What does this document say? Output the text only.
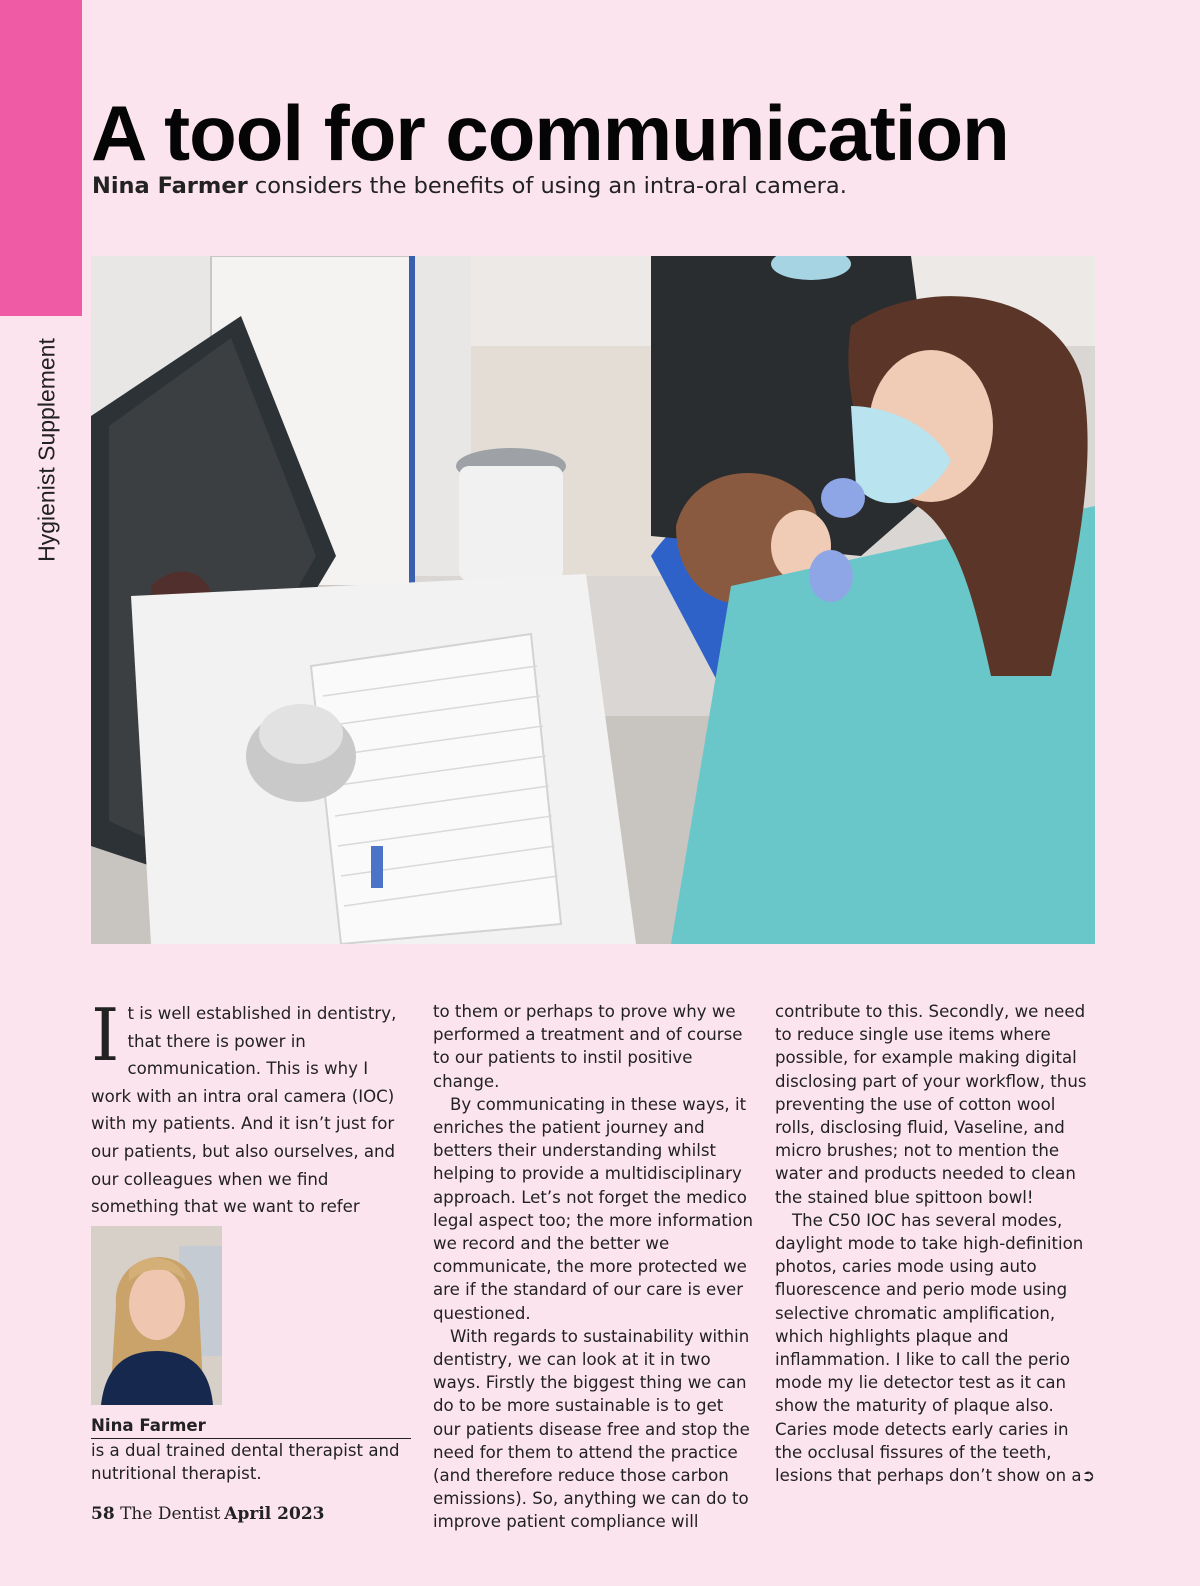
Hygienist Supplement
A tool for communication

Nina Farmer considers the benefits of using an intra-oral camera.

It is well established in dentistry, that there is power in communication. This is why I work with an intra oral camera (IOC) with my patients. And it isn’t just for our patients, but also ourselves, and our colleagues when we find something that we want to refer

to them or perhaps to prove why we performed a treatment and of course to our patients to instil positive change.

By communicating in these ways, it enriches the patient journey and betters their understanding whilst helping to provide a multidisciplinary approach. Let’s not forget the medico legal aspect too; the more information we record and the better we communicate, the more protected we are if the standard of our care is ever questioned.

With regards to sustainability within dentistry, we can look at it in two ways. Firstly the biggest thing we can do to be more sustainable is to get our patients disease free and stop the need for them to attend the practice (and therefore reduce those carbon emissions). So, anything we can do to improve patient compliance will

contribute to this. Secondly, we need to reduce single use items where possible, for example making digital disclosing part of your workflow, thus preventing the use of cotton wool rolls, disclosing fluid, Vaseline, and micro brushes; not to mention the water and products needed to clean the stained blue spittoon bowl!

The C50 IOC has several modes, daylight mode to take high-definition photos, caries mode using auto fluorescence and perio mode using selective chromatic amplification, which highlights plaque and inflammation. I like to call the perio mode my lie detector test as it can show the maturity of plaque also. Caries mode detects early caries in the occlusal fissures of the teeth, lesions that perhaps don’t show on a➲

Nina Farmer

is a dual trained dental therapist and nutritional therapist.

58 The Dentist April 2023
